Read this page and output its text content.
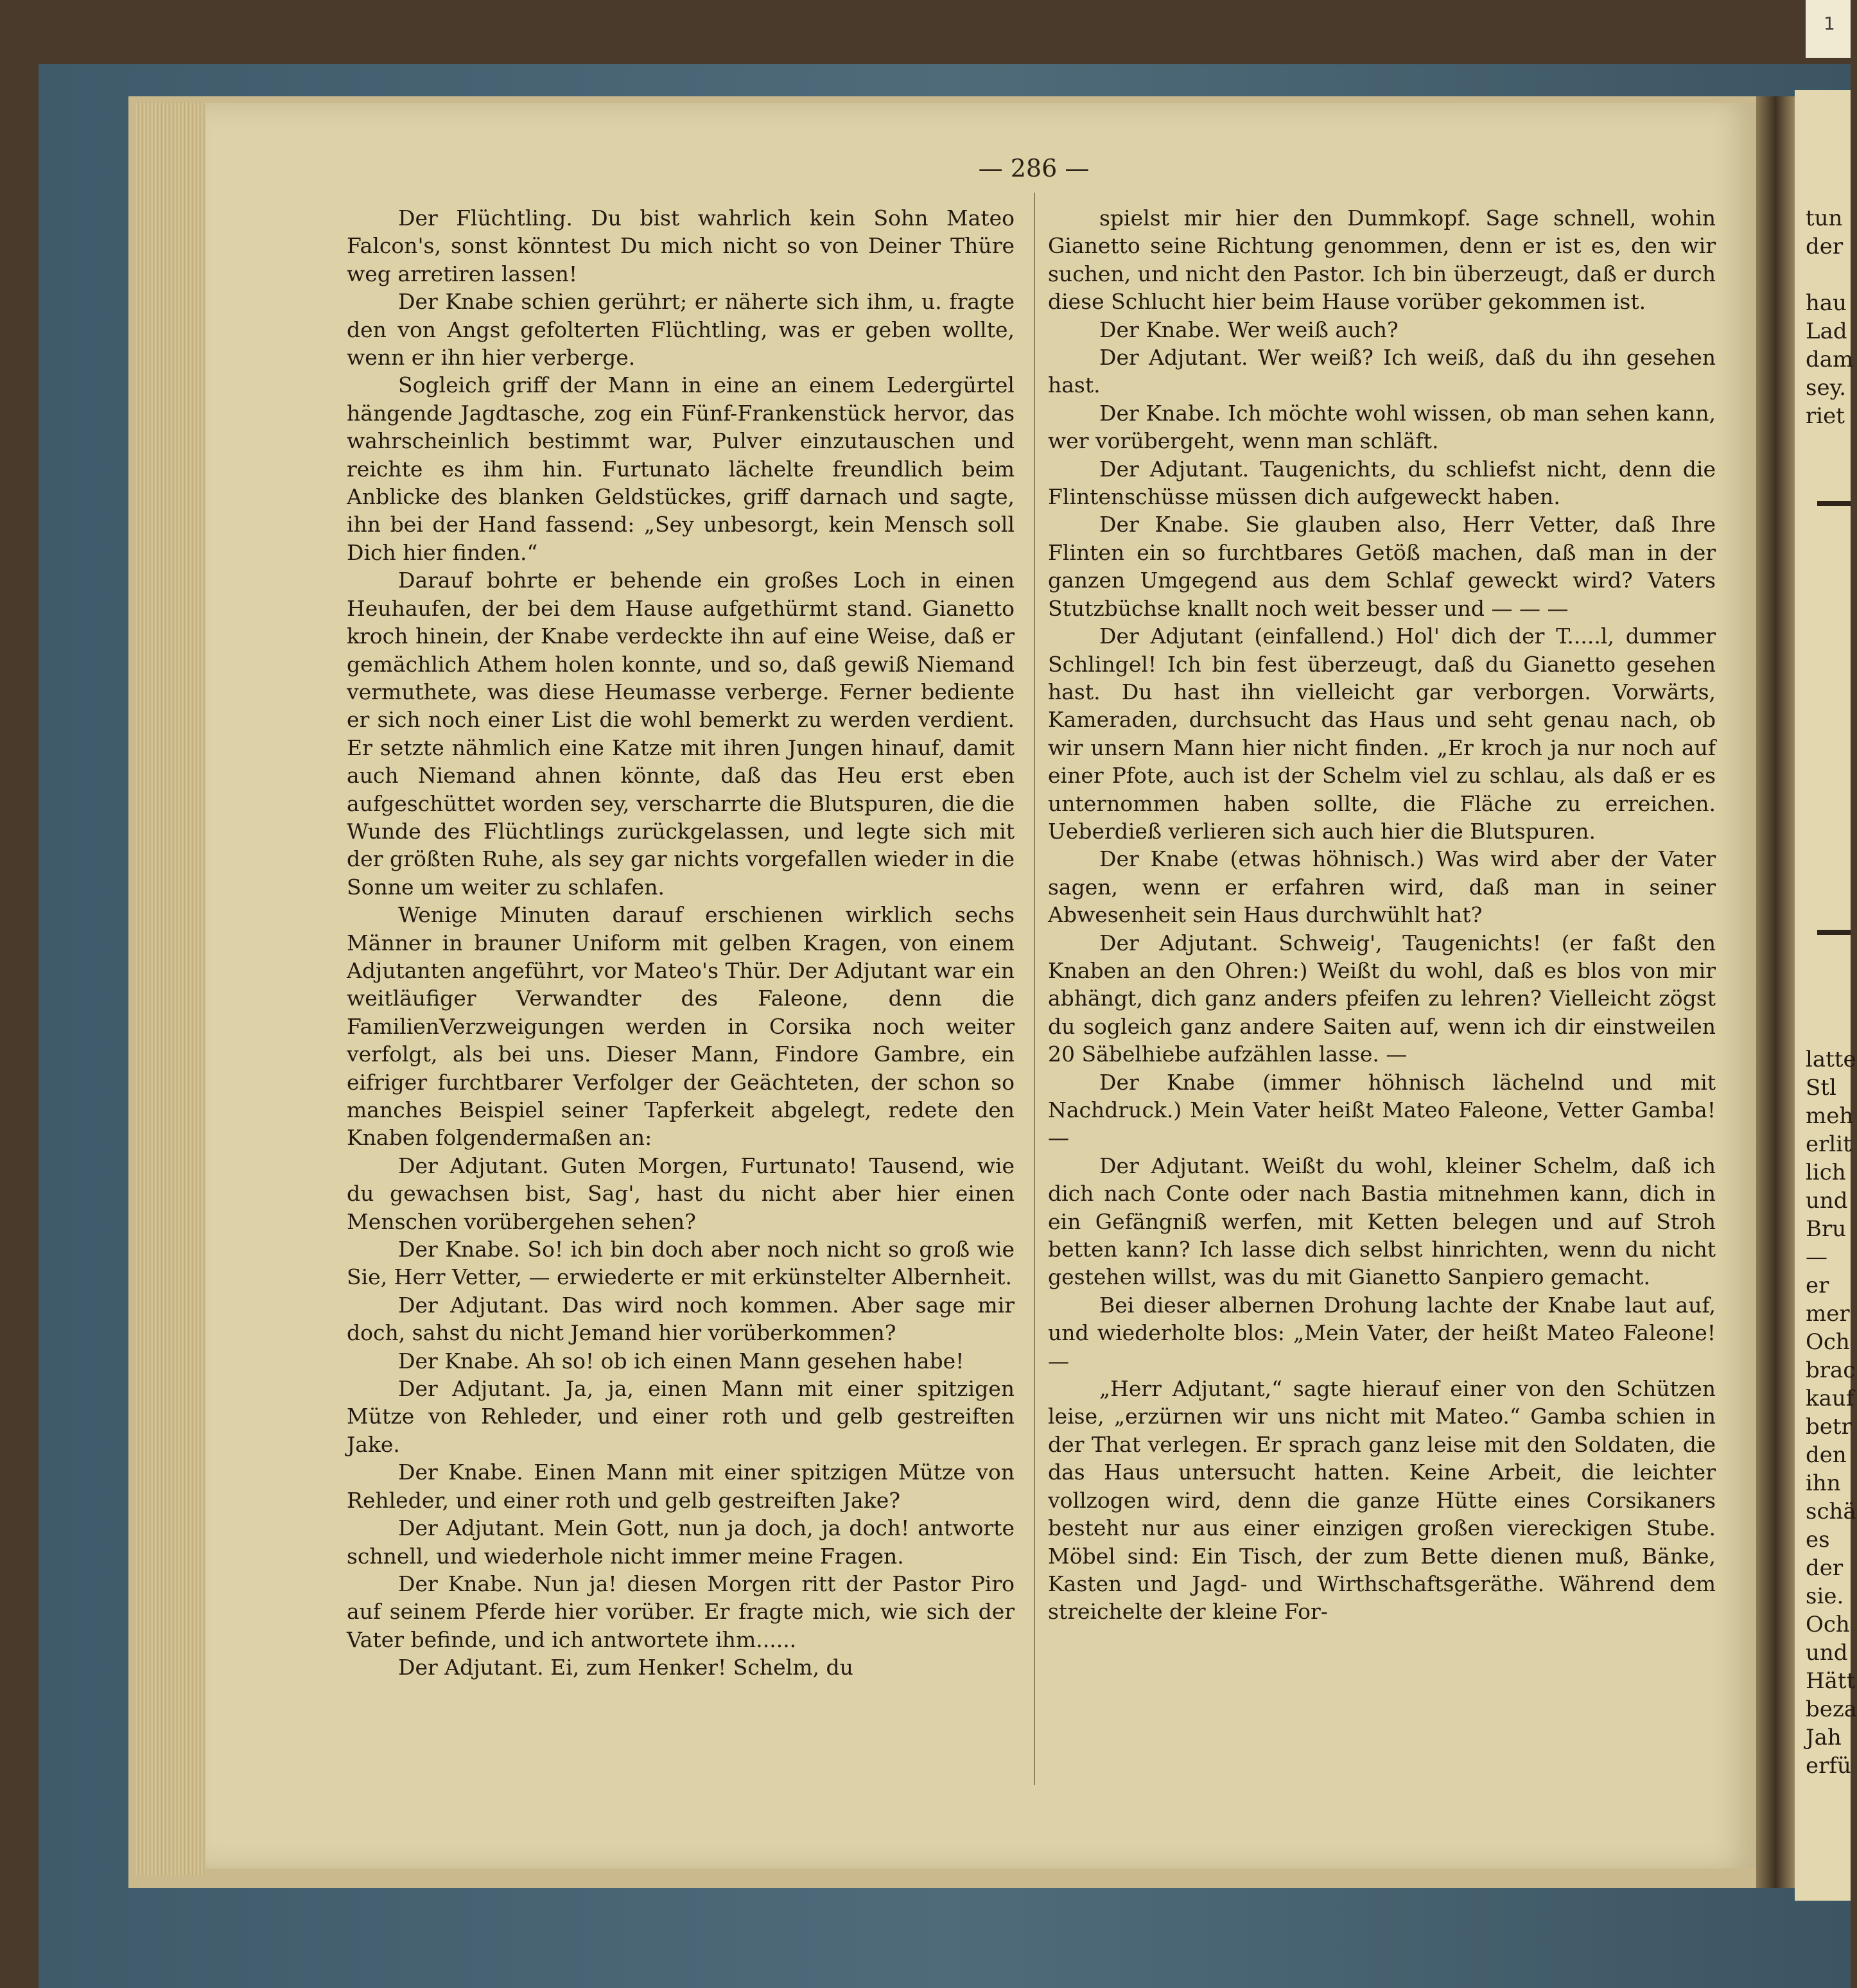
1
— 286 —

Der Flüchtling. Du bist wahrlich kein Sohn Mateo Falcon's, sonst könntest Du mich nicht so von Deiner Thüre weg arretiren lassen!

Der Knabe schien gerührt; er näherte sich ihm, u. fragte den von Angst gefolterten Flüchtling, was er geben wollte, wenn er ihn hier verberge.

Sogleich griff der Mann in eine an einem Ledergürtel hängende Jagdtasche, zog ein Fünf-Frankenstück hervor, das wahrscheinlich bestimmt war, Pulver einzutauschen und reichte es ihm hin. Furtunato lächelte freundlich beim Anblicke des blanken Geldstückes, griff darnach und sagte, ihn bei der Hand fassend: „Sey unbesorgt, kein Mensch soll Dich hier finden.“

Darauf bohrte er behende ein großes Loch in einen Heuhaufen, der bei dem Hause aufgethürmt stand. Gianetto kroch hinein, der Knabe verdeckte ihn auf eine Weise, daß er gemächlich Athem holen konnte, und so, daß gewiß Niemand vermuthete, was diese Heumasse verberge. Ferner bediente er sich noch einer List die wohl bemerkt zu werden verdient. Er setzte nähmlich eine Katze mit ihren Jungen hinauf, damit auch Niemand ahnen könnte, daß das Heu erst eben aufgeschüttet worden sey, verscharrte die Blutspuren, die die Wunde des Flüchtlings zurückgelassen, und legte sich mit der größten Ruhe, als sey gar nichts vorgefallen wieder in die Sonne um weiter zu schlafen.

Wenige Minuten darauf erschienen wirklich sechs Männer in brauner Uniform mit gelben Kragen, von einem Adjutanten angeführt, vor Mateo's Thür. Der Adjutant war ein weitläufiger Verwandter des Faleone, denn die FamilienVerzweigungen werden in Corsika noch weiter verfolgt, als bei uns. Dieser Mann, Findore Gambre, ein eifriger furchtbarer Verfolger der Geächteten, der schon so manches Beispiel seiner Tapferkeit abgelegt, redete den Knaben folgendermaßen an:

Der Adjutant. Guten Morgen, Furtunato! Tausend, wie du gewachsen bist, Sag', hast du nicht aber hier einen Menschen vorübergehen sehen?

Der Knabe. So! ich bin doch aber noch nicht so groß wie Sie, Herr Vetter, — erwiederte er mit erkünstelter Albernheit.

Der Adjutant. Das wird noch kommen. Aber sage mir doch, sahst du nicht Jemand hier vorüberkommen?

Der Knabe. Ah so! ob ich einen Mann gesehen habe!

Der Adjutant. Ja, ja, einen Mann mit einer spitzigen Mütze von Rehleder, und einer roth und gelb gestreiften Jake.

Der Knabe. Einen Mann mit einer spitzigen Mütze von Rehleder, und einer roth und gelb gestreiften Jake?

Der Adjutant. Mein Gott, nun ja doch, ja doch! antworte schnell, und wiederhole nicht immer meine Fragen.

Der Knabe. Nun ja! diesen Morgen ritt der Pastor Piro auf seinem Pferde hier vorüber. Er fragte mich, wie sich der Vater befinde, und ich antwortete ihm......

Der Adjutant. Ei, zum Henker! Schelm, du

spielst mir hier den Dummkopf. Sage schnell, wohin Gianetto seine Richtung genommen, denn er ist es, den wir suchen, und nicht den Pastor. Ich bin überzeugt, daß er durch diese Schlucht hier beim Hause vorüber gekommen ist.

Der Knabe. Wer weiß auch?

Der Adjutant. Wer weiß? Ich weiß, daß du ihn gesehen hast.

Der Knabe. Ich möchte wohl wissen, ob man sehen kann, wer vorübergeht, wenn man schläft.

Der Adjutant. Taugenichts, du schliefst nicht, denn die Flintenschüsse müssen dich aufgeweckt haben.

Der Knabe. Sie glauben also, Herr Vetter, daß Ihre Flinten ein so furchtbares Getöß machen, daß man in der ganzen Umgegend aus dem Schlaf geweckt wird? Vaters Stutzbüchse knallt noch weit besser und — — —

Der Adjutant (einfallend.) Hol' dich der T.....l, dummer Schlingel! Ich bin fest überzeugt, daß du Gianetto gesehen hast. Du hast ihn vielleicht gar verborgen. Vorwärts, Kameraden, durchsucht das Haus und seht genau nach, ob wir unsern Mann hier nicht finden. „Er kroch ja nur noch auf einer Pfote, auch ist der Schelm viel zu schlau, als daß er es unternommen haben sollte, die Fläche zu erreichen. Ueberdieß verlieren sich auch hier die Blutspuren.

Der Knabe (etwas höhnisch.) Was wird aber der Vater sagen, wenn er erfahren wird, daß man in seiner Abwesenheit sein Haus durchwühlt hat?

Der Adjutant. Schweig', Taugenichts! (er faßt den Knaben an den Ohren:) Weißt du wohl, daß es blos von mir abhängt, dich ganz anders pfeifen zu lehren? Vielleicht zögst du sogleich ganz andere Saiten auf, wenn ich dir einstweilen 20 Säbelhiebe aufzählen lasse. —

Der Knabe (immer höhnisch lächelnd und mit Nachdruck.) Mein Vater heißt Mateo Faleone, Vetter Gamba! —

Der Adjutant. Weißt du wohl, kleiner Schelm, daß ich dich nach Conte oder nach Bastia mitnehmen kann, dich in ein Gefängniß werfen, mit Ketten belegen und auf Stroh betten kann? Ich lasse dich selbst hinrichten, wenn du nicht gestehen willst, was du mit Gianetto Sanpiero gemacht.

Bei dieser albernen Drohung lachte der Knabe laut auf, und wiederholte blos: „Mein Vater, der heißt Mateo Faleone! —

„Herr Adjutant,“ sagte hierauf einer von den Schützen leise, „erzürnen wir uns nicht mit Mateo.“ Gamba schien in der That verlegen. Er sprach ganz leise mit den Soldaten, die das Haus untersucht hatten. Keine Arbeit, die leichter vollzogen wird, denn die ganze Hütte eines Corsikaners besteht nur aus einer einzigen großen viereckigen Stube. Möbel sind: Ein Tisch, der zum Bette dienen muß, Bänke, Kasten und Jagd- und Wirthschaftsgeräthe. Während dem streichelte der kleine For-

tun
der
hau
Lad
dam
sey.
riet
latte
Stl
meh
erlit
lich
und
Bru
—
er
mer
Och
brac
kauf
betr
den
ihn
schä
es
der
sie.
Och
und
Hätt
beza
Jah
erfü
